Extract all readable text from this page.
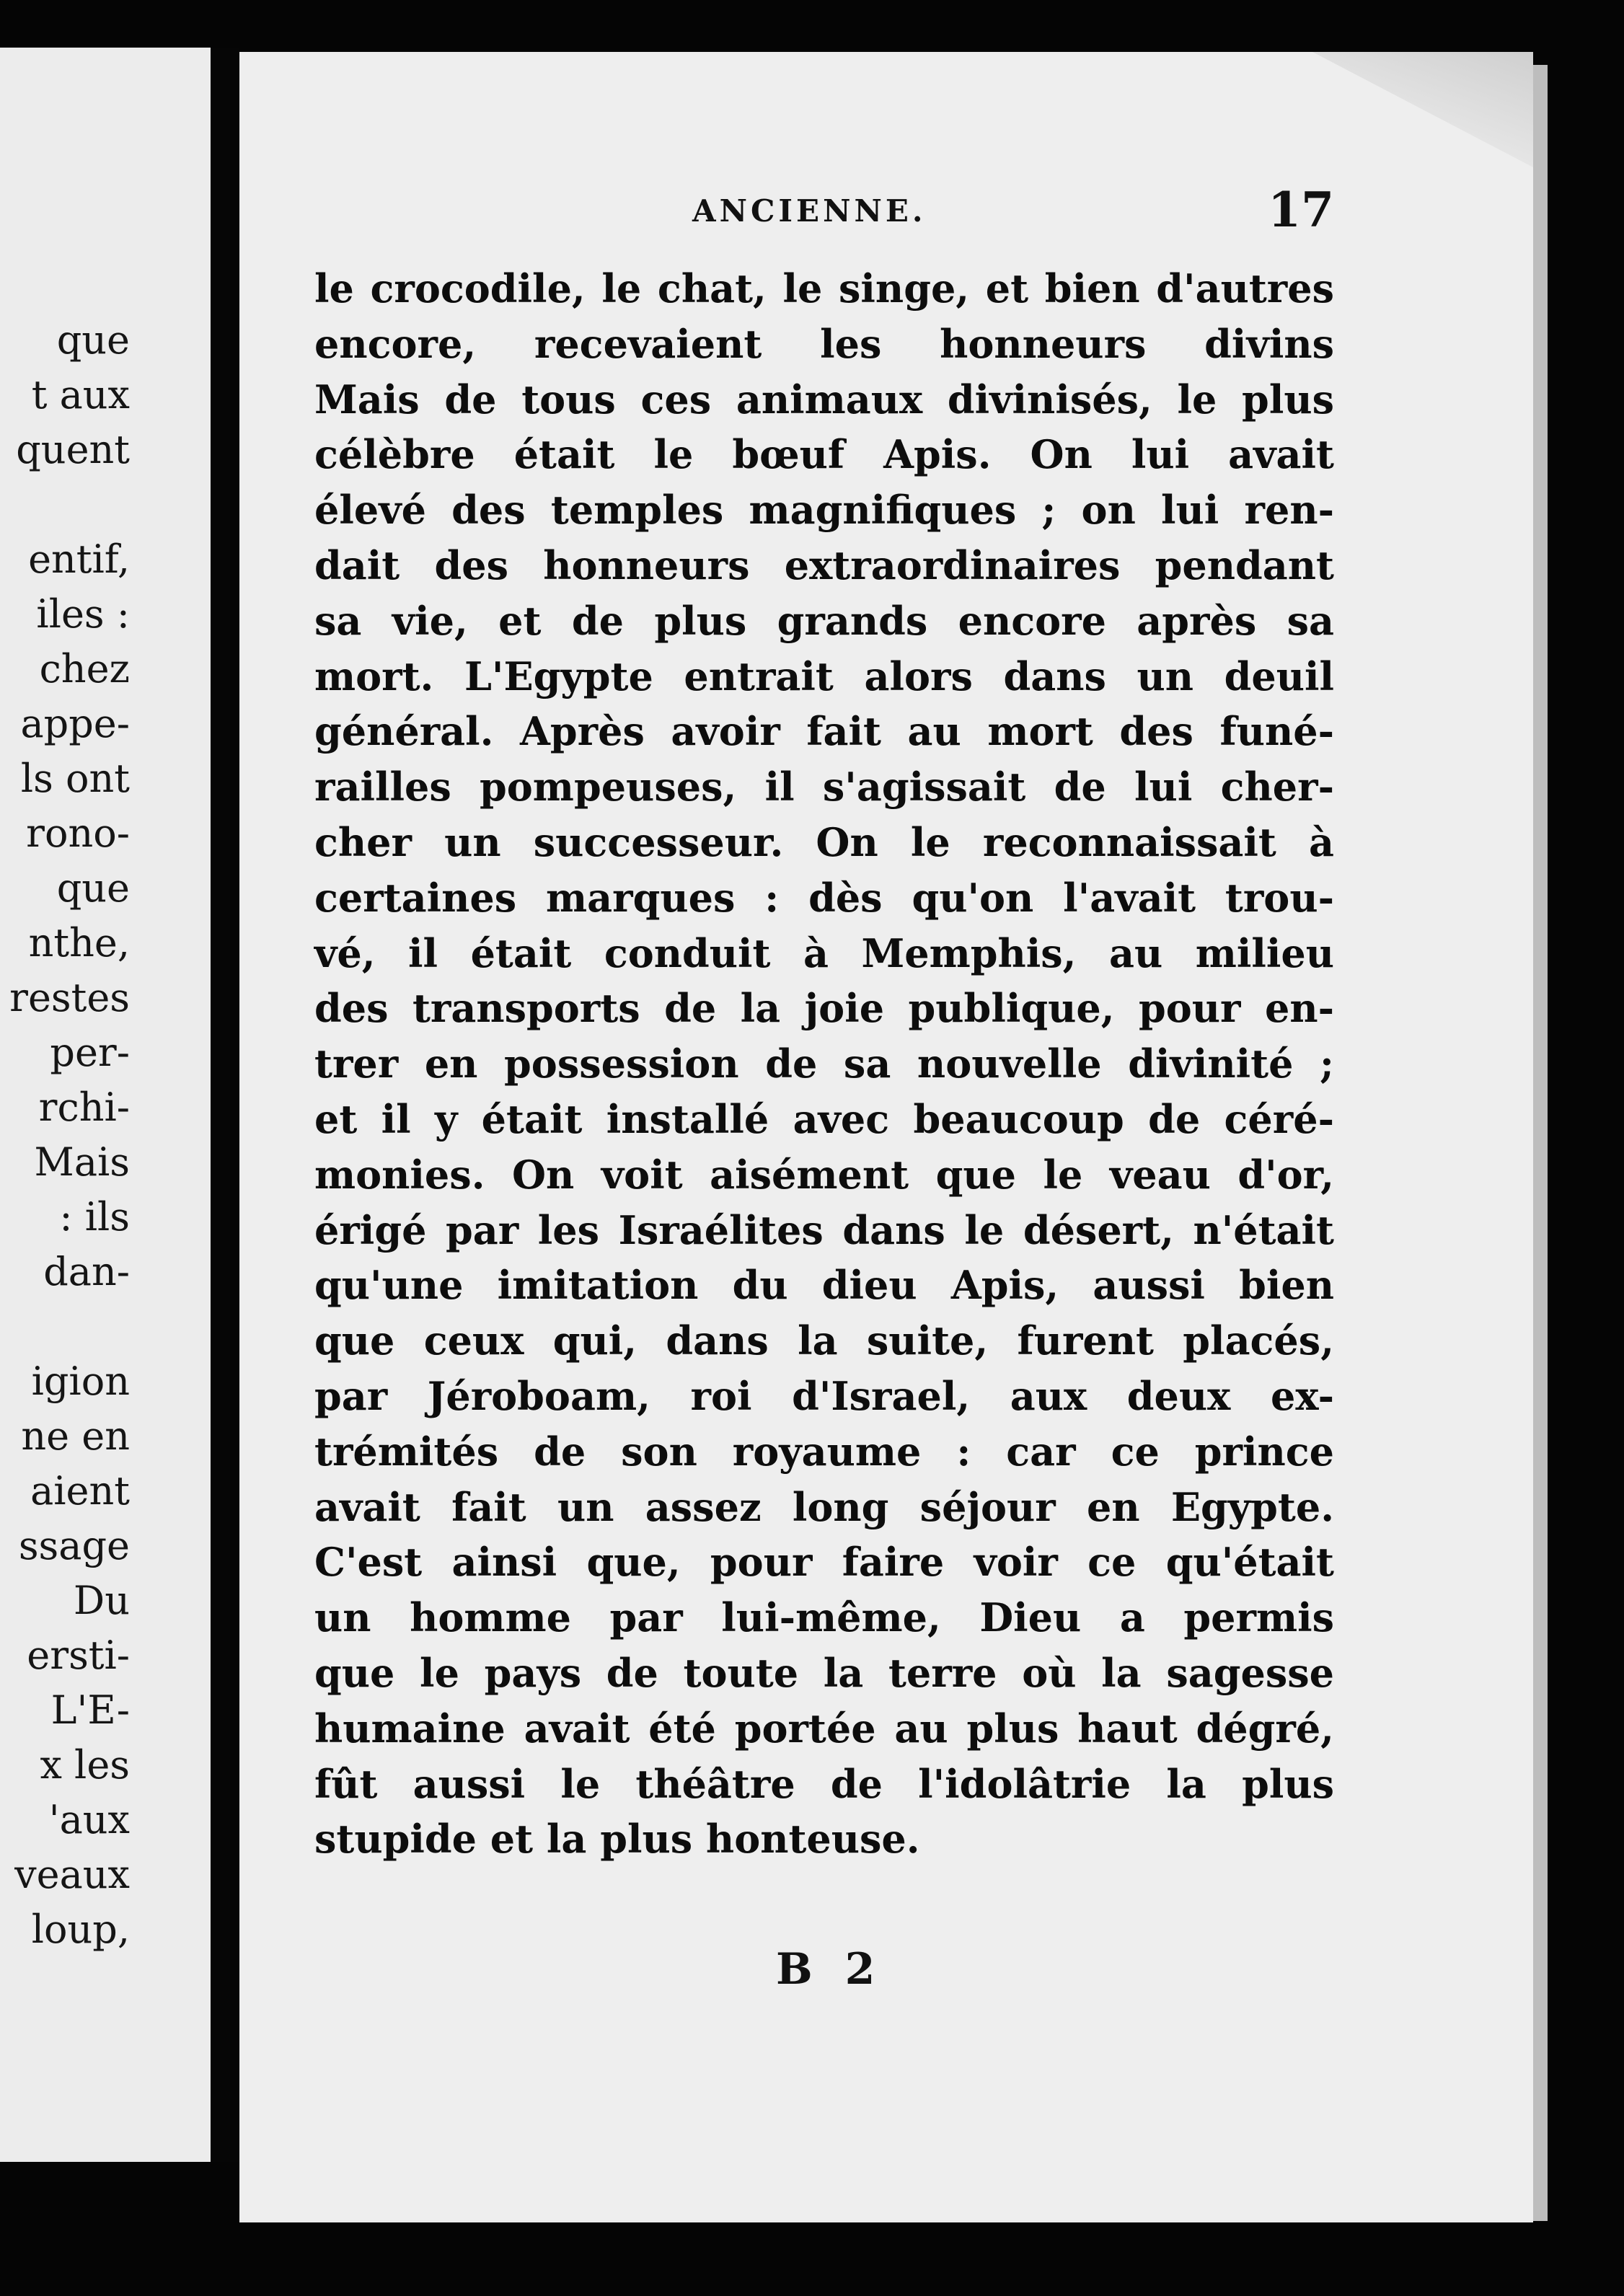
que
t aux
quent
entif,
iles :
chez
appe-
ls ont
rono-
que
nthe,
restes
per-
rchi-
Mais
: ils
dan-
igion
ne en
aient
ssage
Du
ersti-
L'E-
x les
'aux
veaux
loup,
ANCIENNE.	17
le crocodile, le chat, le singe, et bien d'autres
encore, recevaient les honneurs divins
Mais de tous ces animaux divinisés, le plus
célèbre était le bœuf Apis. On lui avait
élevé des temples magnifiques ; on lui ren-
dait des honneurs extraordinaires pendant
sa vie, et de plus grands encore après sa
mort. L'Egypte entrait alors dans un deuil
général. Après avoir fait au mort des funé-
railles pompeuses, il s'agissait de lui cher-
cher un successeur. On le reconnaissait à
certaines marques : dès qu'on l'avait trou-
vé, il était conduit à Memphis, au milieu
des transports de la joie publique, pour en-
trer en possession de sa nouvelle divinité ;
et il y était installé avec beaucoup de céré-
monies. On voit aisément que le veau d'or,
érigé par les Israélites dans le désert, n'était
qu'une imitation du dieu Apis, aussi bien
que ceux qui, dans la suite, furent placés,
par Jéroboam, roi d'Israel, aux deux ex-
trémités de son royaume : car ce prince
avait fait un assez long séjour en Egypte.
C'est ainsi que, pour faire voir ce qu'était
un homme par lui-même, Dieu a permis
que le pays de toute la terre où la sagesse
humaine avait été portée au plus haut dégré,
fût aussi le théâtre de l'idolâtrie la plus
stupide et la plus honteuse.
B 2
